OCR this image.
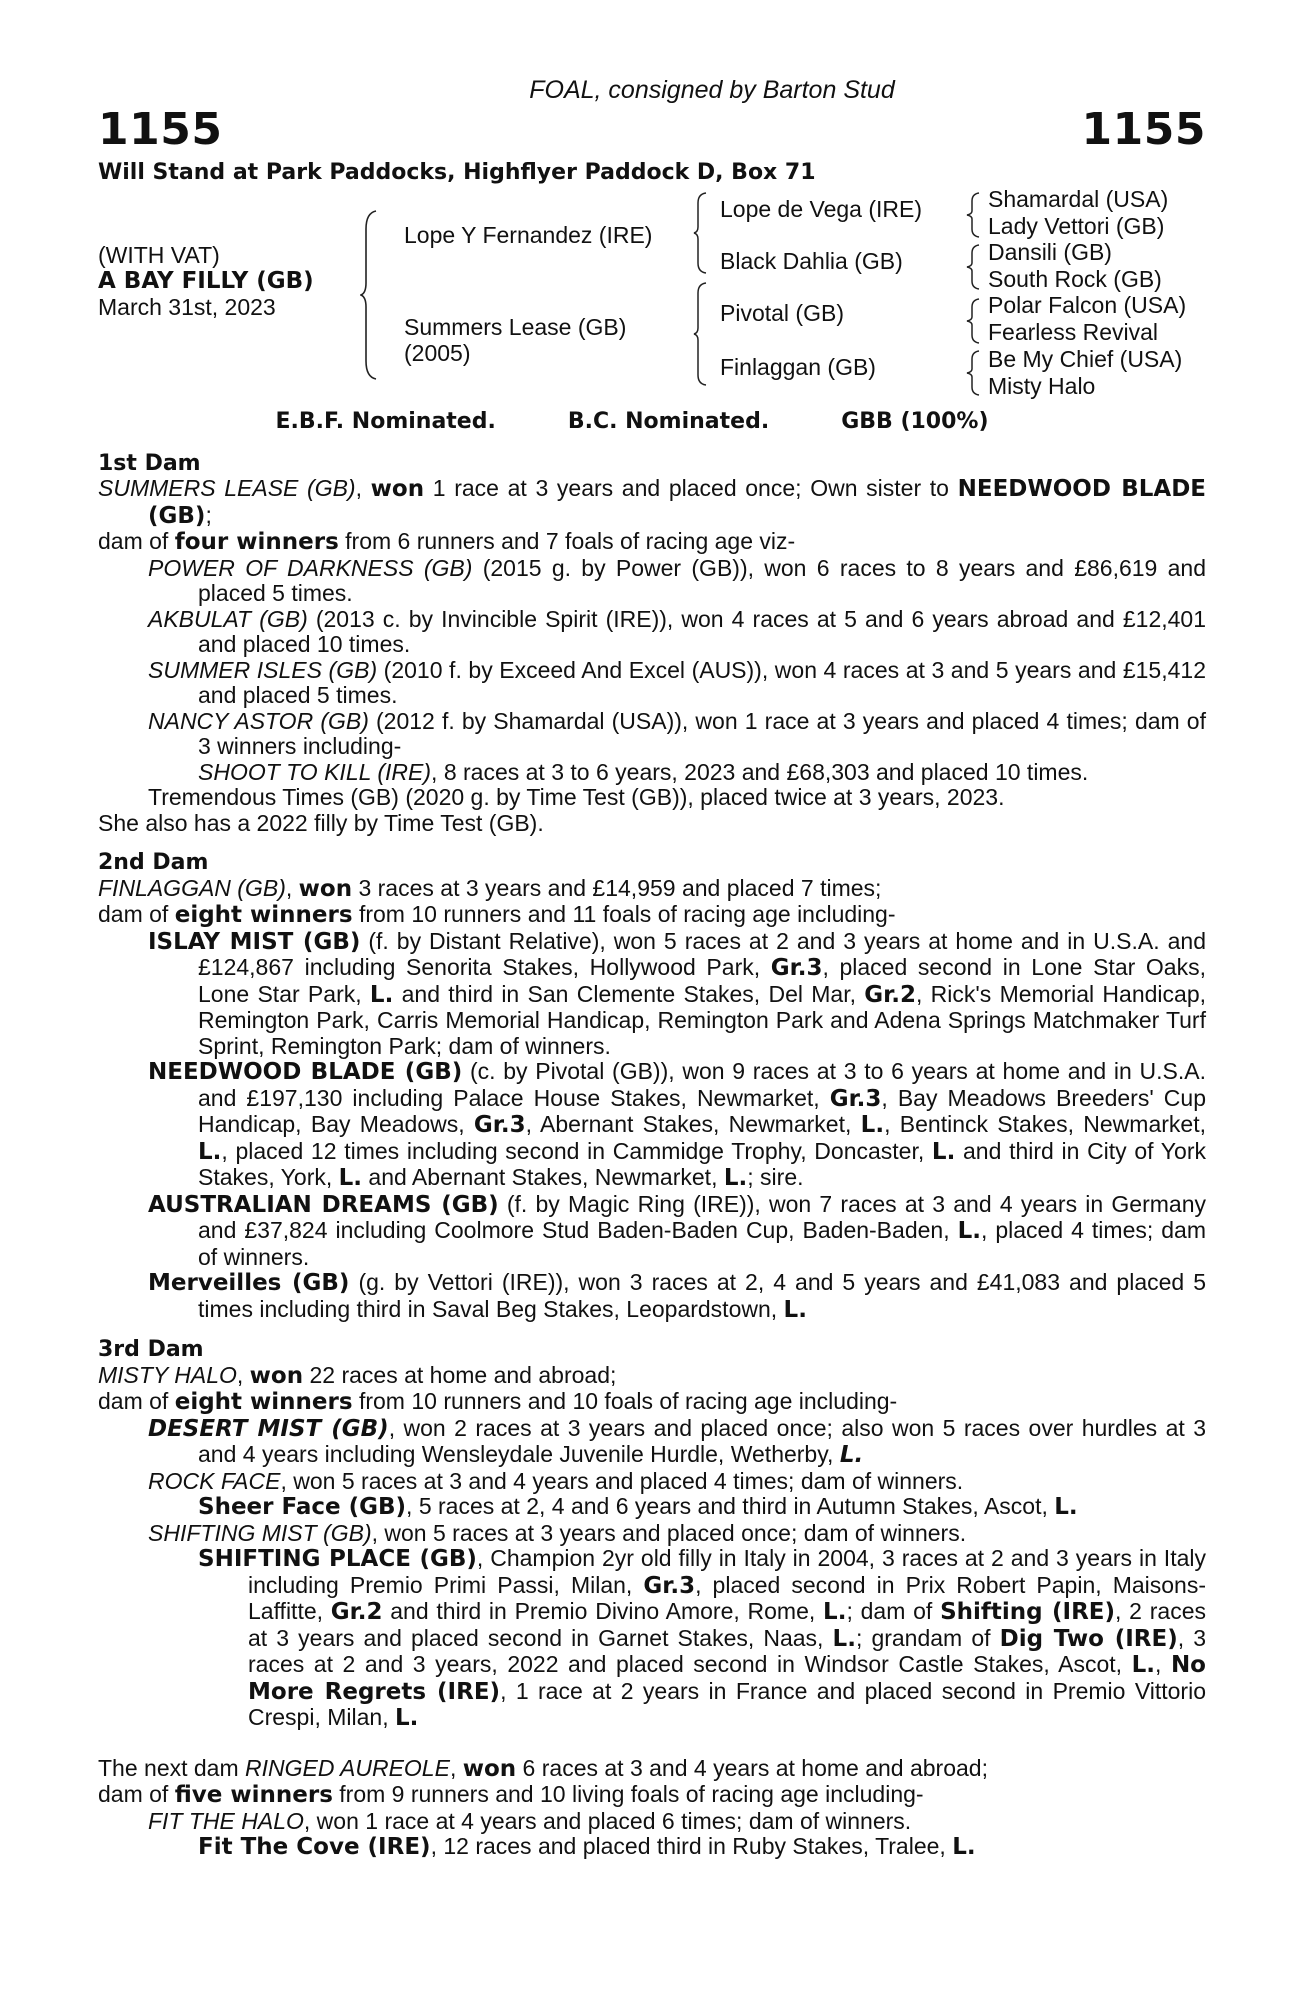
FOAL, consigned by Barton Stud
1155	1155
Will Stand at Park Paddocks, Highflyer Paddock D, Box 71
(WITH VAT)
A BAY FILLY (GB)
March 31st, 2023
Lope Y Fernandez (IRE)
Summers Lease (GB)
(2005)
Lope de Vega (IRE)
Black Dahlia (GB)
Pivotal (GB)
Finlaggan (GB)
Shamardal (USA)
Lady Vettori (GB)
Dansili (GB)
South Rock (GB)
Polar Falcon (USA)
Fearless Revival
Be My Chief (USA)
Misty Halo
E.B.F. Nominated.	B.C. Nominated.	GBB (100%)
1st Dam

SUMMERS LEASE (GB), won 1 race at 3 years and placed once; Own sister to NEEDWOOD BLADE (GB);

dam of four winners from 6 runners and 7 foals of racing age viz-

POWER OF DARKNESS (GB) (2015 g. by Power (GB)), won 6 races to 8 years and £86,619 and placed 5 times.

AKBULAT (GB) (2013 c. by Invincible Spirit (IRE)), won 4 races at 5 and 6 years abroad and £12,401 and placed 10 times.

SUMMER ISLES (GB) (2010 f. by Exceed And Excel (AUS)), won 4 races at 3 and 5 years and £15,412 and placed 5 times.

NANCY ASTOR (GB) (2012 f. by Shamardal (USA)), won 1 race at 3 years and placed 4 times; dam of 3 winners including-

SHOOT TO KILL (IRE), 8 races at 3 to 6 years, 2023 and £68,303 and placed 10 times.

Tremendous Times (GB) (2020 g. by Time Test (GB)), placed twice at 3 years, 2023.

She also has a 2022 filly by Time Test (GB).

2nd Dam

FINLAGGAN (GB), won 3 races at 3 years and £14,959 and placed 7 times;

dam of eight winners from 10 runners and 11 foals of racing age including-

ISLAY MIST (GB) (f. by Distant Relative), won 5 races at 2 and 3 years at home and in U.S.A. and £124,867 including Senorita Stakes, Hollywood Park, Gr.3, placed second in Lone Star Oaks, Lone Star Park, L. and third in San Clemente Stakes, Del Mar, Gr.2, Rick's Memorial Handicap, Remington Park, Carris Memorial Handicap, Remington Park and Adena Springs Matchmaker Turf Sprint, Remington Park; dam of winners.

NEEDWOOD BLADE (GB) (c. by Pivotal (GB)), won 9 races at 3 to 6 years at home and in U.S.A. and £197,130 including Palace House Stakes, Newmarket, Gr.3, Bay Meadows Breeders' Cup Handicap, Bay Meadows, Gr.3, Abernant Stakes, Newmarket, L., Bentinck Stakes, Newmarket, L., placed 12 times including second in Cammidge Trophy, Doncaster, L. and third in City of York Stakes, York, L. and Abernant Stakes, Newmarket, L.; sire.

AUSTRALIAN DREAMS (GB) (f. by Magic Ring (IRE)), won 7 races at 3 and 4 years in Germany and £37,824 including Coolmore Stud Baden-Baden Cup, Baden-Baden, L., placed 4 times; dam of winners.

Merveilles (GB) (g. by Vettori (IRE)), won 3 races at 2, 4 and 5 years and £41,083 and placed 5 times including third in Saval Beg Stakes, Leopardstown, L.

3rd Dam

MISTY HALO, won 22 races at home and abroad;

dam of eight winners from 10 runners and 10 foals of racing age including-

DESERT MIST (GB), won 2 races at 3 years and placed once; also won 5 races over hurdles at 3 and 4 years including Wensleydale Juvenile Hurdle, Wetherby, L.

ROCK FACE, won 5 races at 3 and 4 years and placed 4 times; dam of winners.

Sheer Face (GB), 5 races at 2, 4 and 6 years and third in Autumn Stakes, Ascot, L.

SHIFTING MIST (GB), won 5 races at 3 years and placed once; dam of winners.

SHIFTING PLACE (GB), Champion 2yr old filly in Italy in 2004, 3 races at 2 and 3 years in Italy including Premio Primi Passi, Milan, Gr.3, placed second in Prix Robert Papin, Maisons-Laffitte, Gr.2 and third in Premio Divino Amore, Rome, L.; dam of Shifting (IRE), 2 races at 3 years and placed second in Garnet Stakes, Naas, L.; grandam of Dig Two (IRE), 3 races at 2 and 3 years, 2022 and placed second in Windsor Castle Stakes, Ascot, L., No More Regrets (IRE), 1 race at 2 years in France and placed second in Premio Vittorio Crespi, Milan, L.

The next dam RINGED AUREOLE, won 6 races at 3 and 4 years at home and abroad;

dam of five winners from 9 runners and 10 living foals of racing age including-

FIT THE HALO, won 1 race at 4 years and placed 6 times; dam of winners.

Fit The Cove (IRE), 12 races and placed third in Ruby Stakes, Tralee, L.
